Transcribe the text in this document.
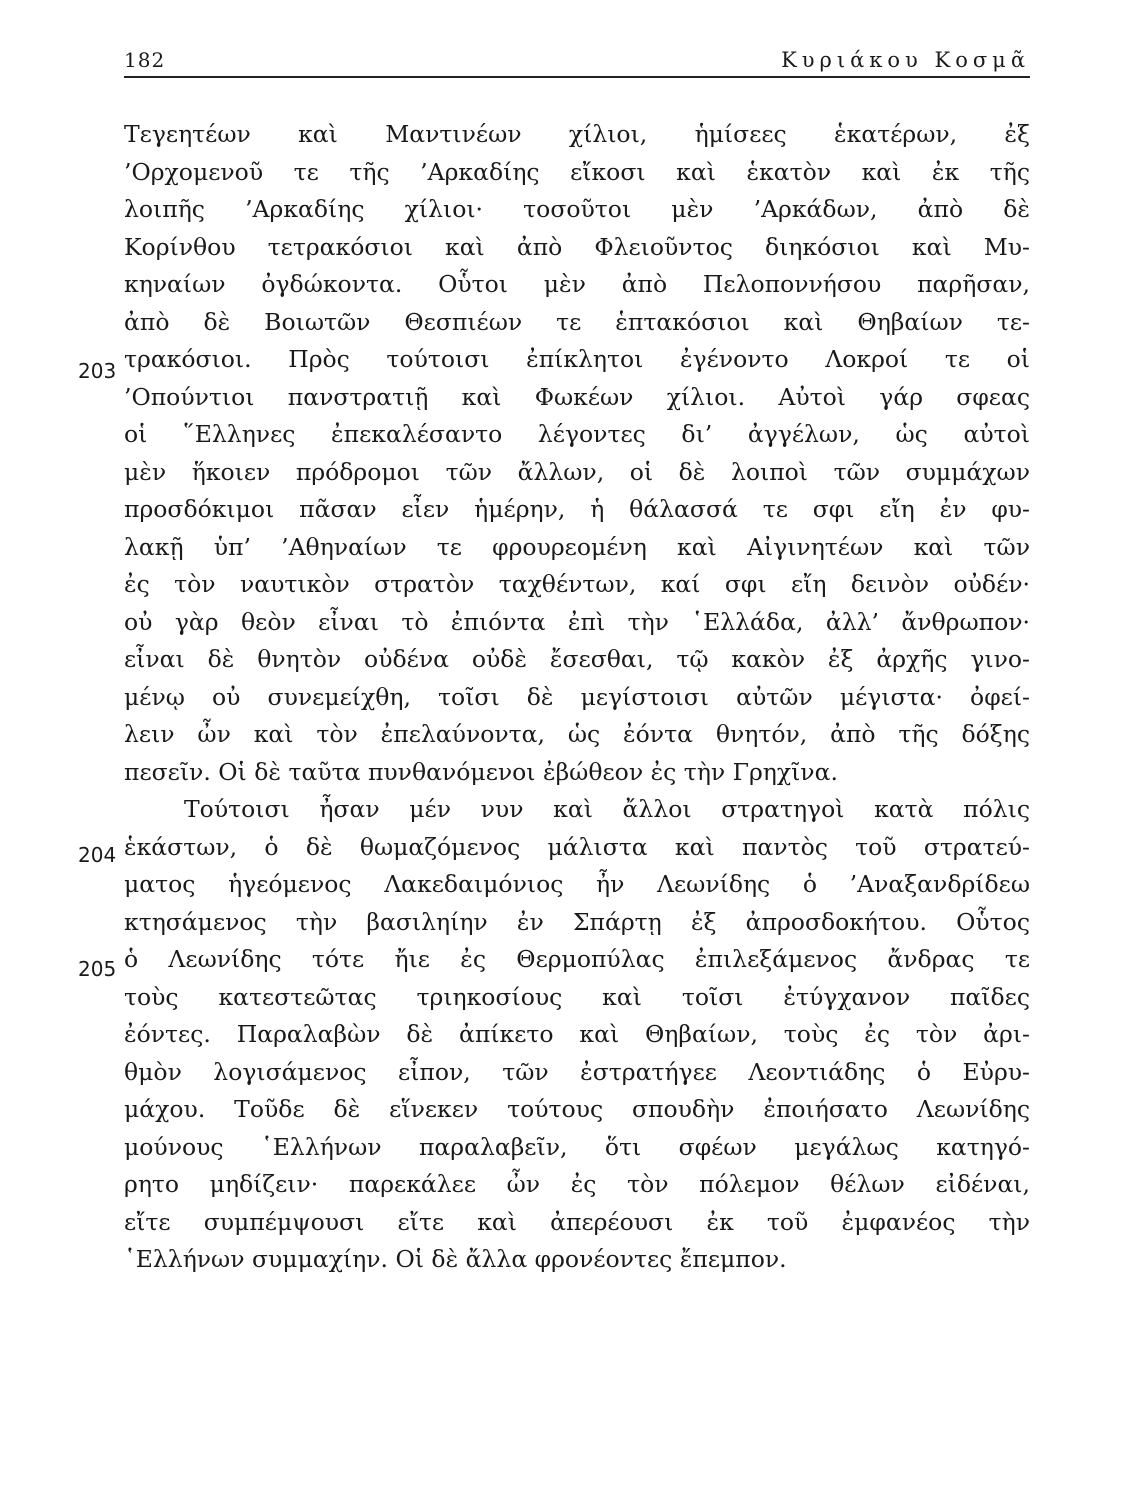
182	Κυριάκου Κοσμᾶ
203
204
205
Τεγεητέων καὶ Μαντινέων χίλιοι, ἡμίσεες ἑκατέρων, ἐξ
’Ορχομενοῦ τε τῆς ’Αρκαδίης εἴκοσι καὶ ἑκατὸν καὶ ἐκ τῆς
λοιπῆς ’Αρκαδίης χίλιοι· τοσοῦτοι μὲν ’Αρκάδων, ἀπὸ δὲ
Κορίνθου τετρακόσιοι καὶ ἀπὸ Φλειοῦντος διηκόσιοι καὶ Μυ-
κηναίων ὀγδώκοντα. Οὗτοι μὲν ἀπὸ Πελοποννήσου παρῆσαν,
ἀπὸ δὲ Βοιωτῶν Θεσπιέων τε ἑπτακόσιοι καὶ Θηβαίων τε-
τρακόσιοι. Πρὸς τούτοισι ἐπίκλητοι ἐγένοντο Λοκροί τε οἱ
’Οπούντιοι πανστρατιῇ καὶ Φωκέων χίλιοι. Αὐτοὶ γάρ σφεας
οἱ ῞Ελληνες ἐπεκαλέσαντο λέγοντες δι’ ἀγγέλων, ὡς αὐτοὶ
μὲν ἥκοιεν πρόδρομοι τῶν ἄλλων, οἱ δὲ λοιποὶ τῶν συμμάχων
προσδόκιμοι πᾶσαν εἶεν ἡμέρην, ἡ θάλασσά τε σφι εἴη ἐν φυ-
λακῇ ὑπ’ ’Αθηναίων τε φρουρεομένη καὶ Αἰγινητέων καὶ τῶν
ἐς τὸν ναυτικὸν στρατὸν ταχθέντων, καί σφι εἴη δεινὸν οὐδέν·
οὐ γὰρ θεὸν εἶναι τὸ ἐπιόντα ἐπὶ τὴν ῾Ελλάδα, ἀλλ’ ἄνθρωπον·
εἶναι δὲ θνητὸν οὐδένα οὐδὲ ἔσεσθαι, τῷ κακὸν ἐξ ἀρχῆς γινο-
μένῳ οὐ συνεμείχθη, τοῖσι δὲ μεγίστοισι αὐτῶν μέγιστα· ὀφεί-
λειν ὦν καὶ τὸν ἐπελαύνοντα, ὡς ἐόντα θνητόν, ἀπὸ τῆς δόξης
πεσεῖν. Οἱ δὲ ταῦτα πυνθανόμενοι ἐβώθεον ἐς τὴν Γρηχῖνα.
Τούτοισι ἦσαν μέν νυν καὶ ἄλλοι στρατηγοὶ κατὰ πόλις
ἑκάστων, ὁ δὲ θωμαζόμενος μάλιστα καὶ παντὸς τοῦ στρατεύ-
ματος ἡγεόμενος Λακεδαιμόνιος ἦν Λεωνίδης ὁ ’Αναξανδρίδεω
κτησάμενος τὴν βασιληίην ἐν Σπάρτῃ ἐξ ἀπροσδοκήτου. Οὗτος
ὁ Λεωνίδης τότε ἤιε ἐς Θερμοπύλας ἐπιλεξάμενος ἄνδρας τε
τοὺς κατεστεῶτας τριηκοσίους καὶ τοῖσι ἐτύγχανον παῖδες
ἐόντες. Παραλαβὼν δὲ ἀπίκετο καὶ Θηβαίων, τοὺς ἐς τὸν ἀρι-
θμὸν λογισάμενος εἶπον, τῶν ἐστρατήγεε Λεοντιάδης ὁ Εὐρυ-
μάχου. Τοῦδε δὲ εἵνεκεν τούτους σπουδὴν ἐποιήσατο Λεωνίδης
μούνους ῾Ελλήνων παραλαβεῖν, ὅτι σφέων μεγάλως κατηγό-
ρητο μηδίζειν· παρεκάλεε ὦν ἐς τὸν πόλεμον θέλων εἰδέναι,
εἴτε συμπέμψουσι εἴτε καὶ ἀπερέουσι ἐκ τοῦ ἐμφανέος τὴν
῾Ελλήνων συμμαχίην. Οἱ δὲ ἄλλα φρονέοντες ἔπεμπον.
